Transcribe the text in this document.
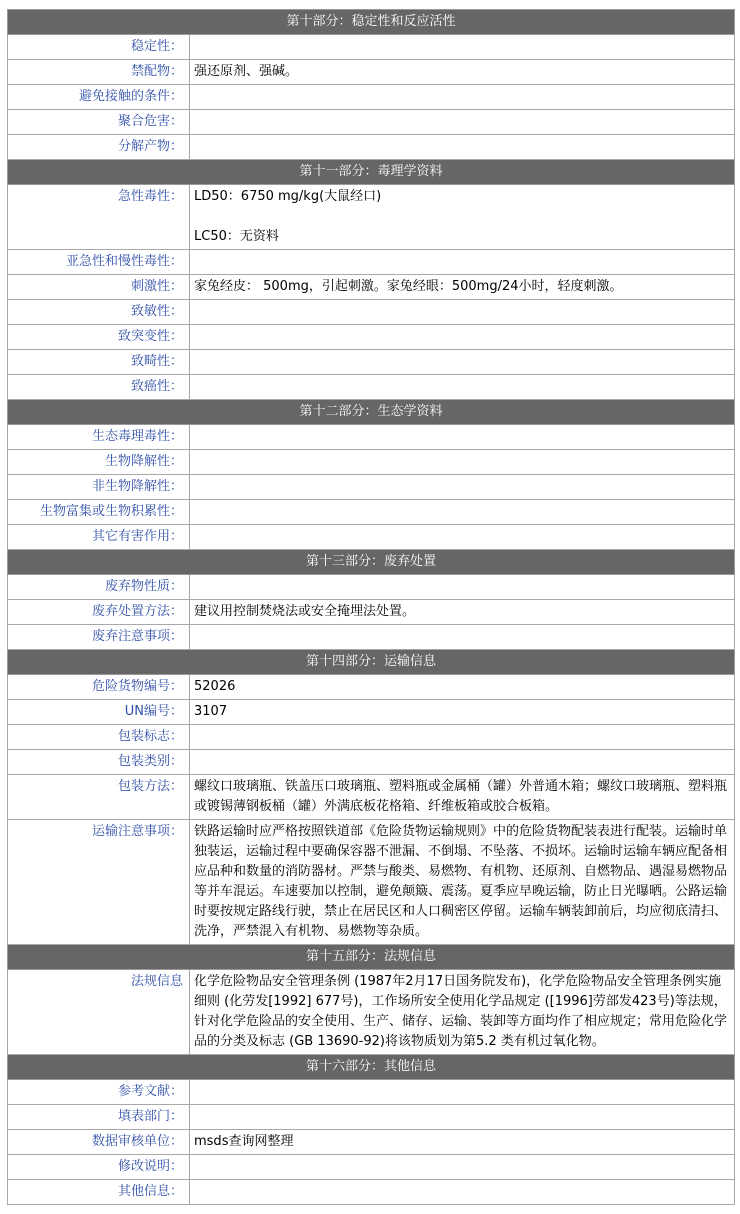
第十部分：稳定性和反应活性	
稳定性：	
禁配物：	强还原剂、强碱。
避免接触的条件：	
聚合危害：	
分解产物：	
第十一部分：毒理学资料	
急性毒性：	LD50：6750 mg/kg(大鼠经口)

LC50：无资料
亚急性和慢性毒性：	
刺激性：	家兔经皮： 500mg，引起刺激。家兔经眼：500mg/24小时，轻度刺激。
致敏性：	
致突变性：	
致畸性：	
致癌性：	
第十二部分：生态学资料	
生态毒理毒性：	
生物降解性：	
非生物降解性：	
生物富集或生物积累性：	
其它有害作用：	
第十三部分：废弃处置	
废弃物性质：	
废弃处置方法：	建议用控制焚烧法或安全掩埋法处置。
废弃注意事项：	
第十四部分：运输信息	
危险货物编号：	52026
UN编号：	3107
包装标志：	
包装类别：	
包装方法：	螺纹口玻璃瓶、铁盖压口玻璃瓶、塑料瓶或金属桶（罐）外普通木箱；螺纹口玻璃瓶、塑料瓶或镀锡薄钢板桶（罐）外满底板花格箱、纤维板箱或胶合板箱。
运输注意事项：	铁路运输时应严格按照铁道部《危险货物运输规则》中的危险货物配装表进行配装。运输时单独装运，运输过程中要确保容器不泄漏、不倒塌、不坠落、不损坏。运输时运输车辆应配备相应品种和数量的消防器材。严禁与酸类、易燃物、有机物、还原剂、自燃物品、遇湿易燃物品等并车混运。车速要加以控制，避免颠簸、震荡。夏季应早晚运输，防止日光曝晒。公路运输时要按规定路线行驶，禁止在居民区和人口稠密区停留。运输车辆装卸前后，均应彻底清扫、洗净，严禁混入有机物、易燃物等杂质。
第十五部分：法规信息	
法规信息	化学危险物品安全管理条例 (1987年2月17日国务院发布)，化学危险物品安全管理条例实施细则 (化劳发[1992] 677号)，工作场所安全使用化学品规定 ([1996]劳部发423号)等法规，针对化学危险品的安全使用、生产、储存、运输、装卸等方面均作了相应规定；常用危险化学品的分类及标志 (GB 13690-92)将该物质划为第5.2 类有机过氧化物。
第十六部分：其他信息	
参考文献：	
填表部门：	
数据审核单位：	msds查询网整理
修改说明：	
其他信息：	
